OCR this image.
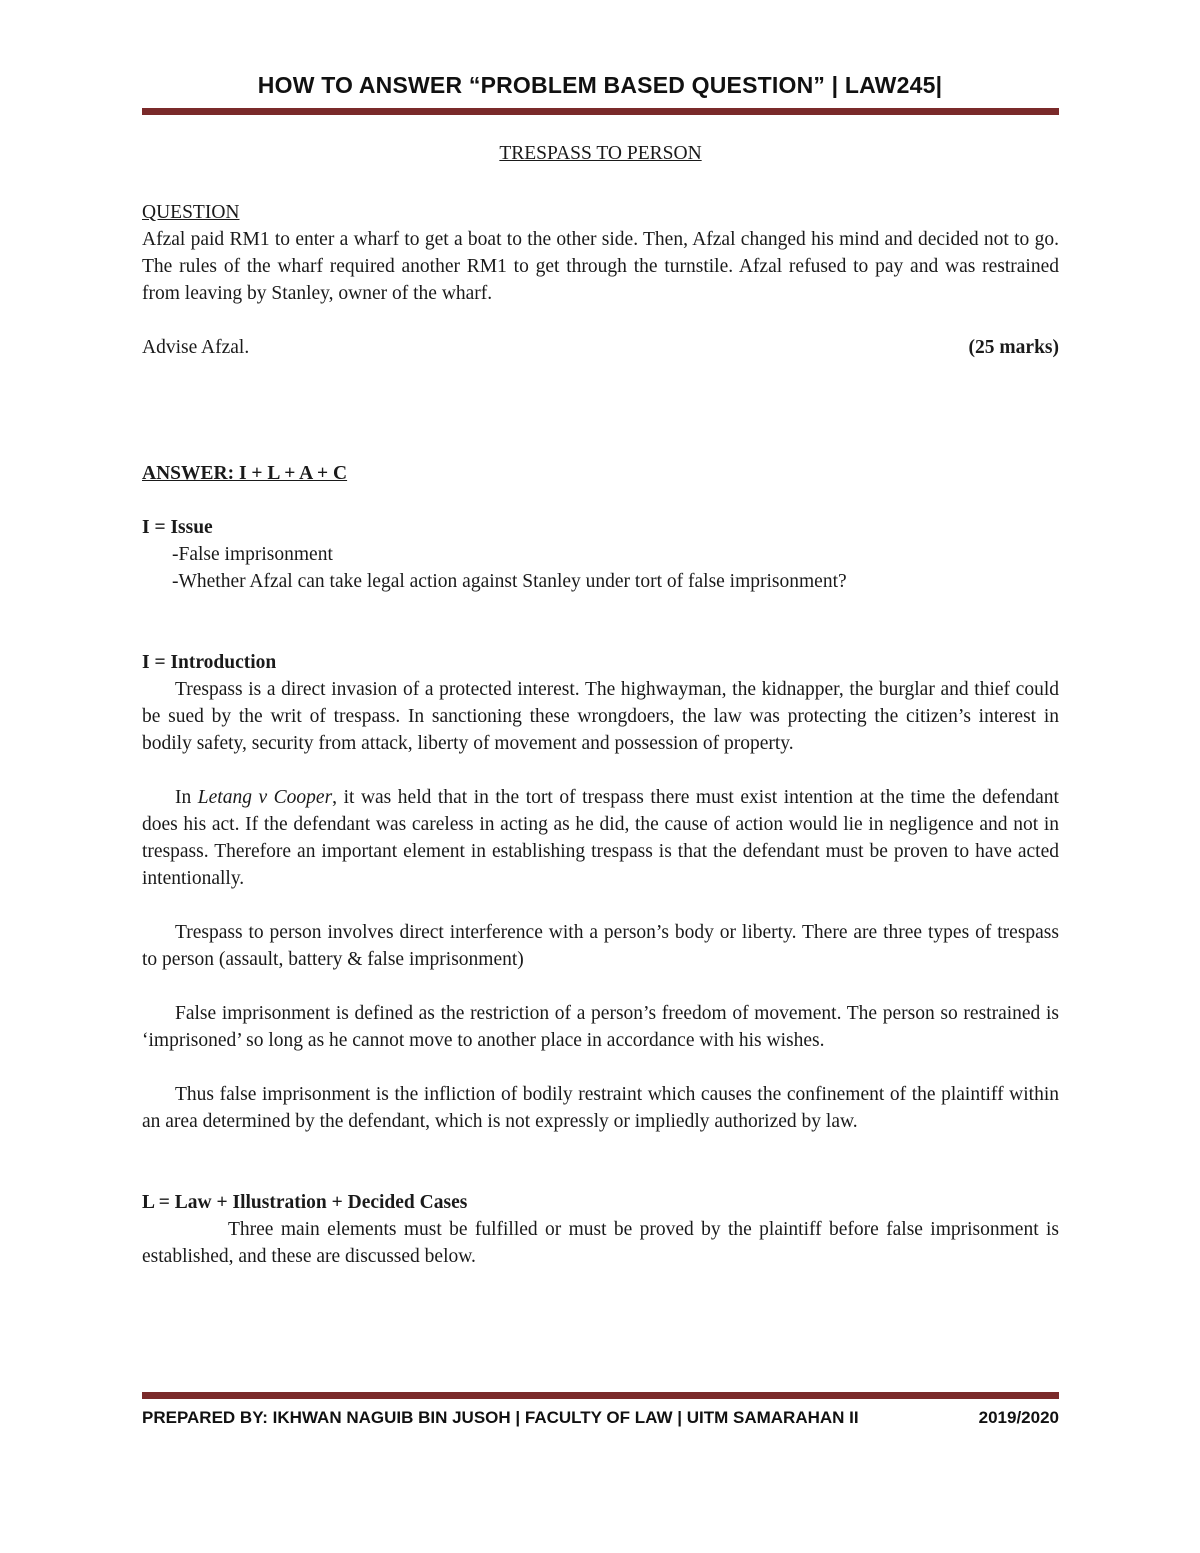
HOW TO ANSWER “PROBLEM BASED QUESTION” | LAW245|

TRESPASS TO PERSON

QUESTION

Afzal paid RM1 to enter a wharf to get a boat to the other side. Then, Afzal changed his mind and decided not to go. The rules of the wharf required another RM1 to get through the turnstile. Afzal refused to pay and was restrained from leaving by Stanley, owner of the wharf.

Advise Afzal.	(25 marks)

ANSWER: I + L + A + C

I = Issue

-False imprisonment

-Whether Afzal can take legal action against Stanley under tort of false imprisonment?

I = Introduction

Trespass is a direct invasion of a protected interest. The highwayman, the kidnapper, the burglar and thief could be sued by the writ of trespass. In sanctioning these wrongdoers, the law was protecting the citizen’s interest in bodily safety, security from attack, liberty of movement and possession of property.

In Letang v Cooper, it was held that in the tort of trespass there must exist intention at the time the defendant does his act. If the defendant was careless in acting as he did, the cause of action would lie in negligence and not in trespass. Therefore an important element in establishing trespass is that the defendant must be proven to have acted intentionally.

Trespass to person involves direct interference with a person’s body or liberty. There are three types of trespass to person (assault, battery & false imprisonment)

False imprisonment is defined as the restriction of a person’s freedom of movement. The person so restrained is ‘imprisoned’ so long as he cannot move to another place in accordance with his wishes.

Thus false imprisonment is the infliction of bodily restraint which causes the confinement of the plaintiff within an area determined by the defendant, which is not expressly or impliedly authorized by law.

L = Law + Illustration + Decided Cases

Three main elements must be fulfilled or must be proved by the plaintiff before false imprisonment is established, and these are discussed below.

PREPARED BY: IKHWAN NAGUIB BIN JUSOH | FACULTY OF LAW | UITM SAMARAHAN II	2019/2020
